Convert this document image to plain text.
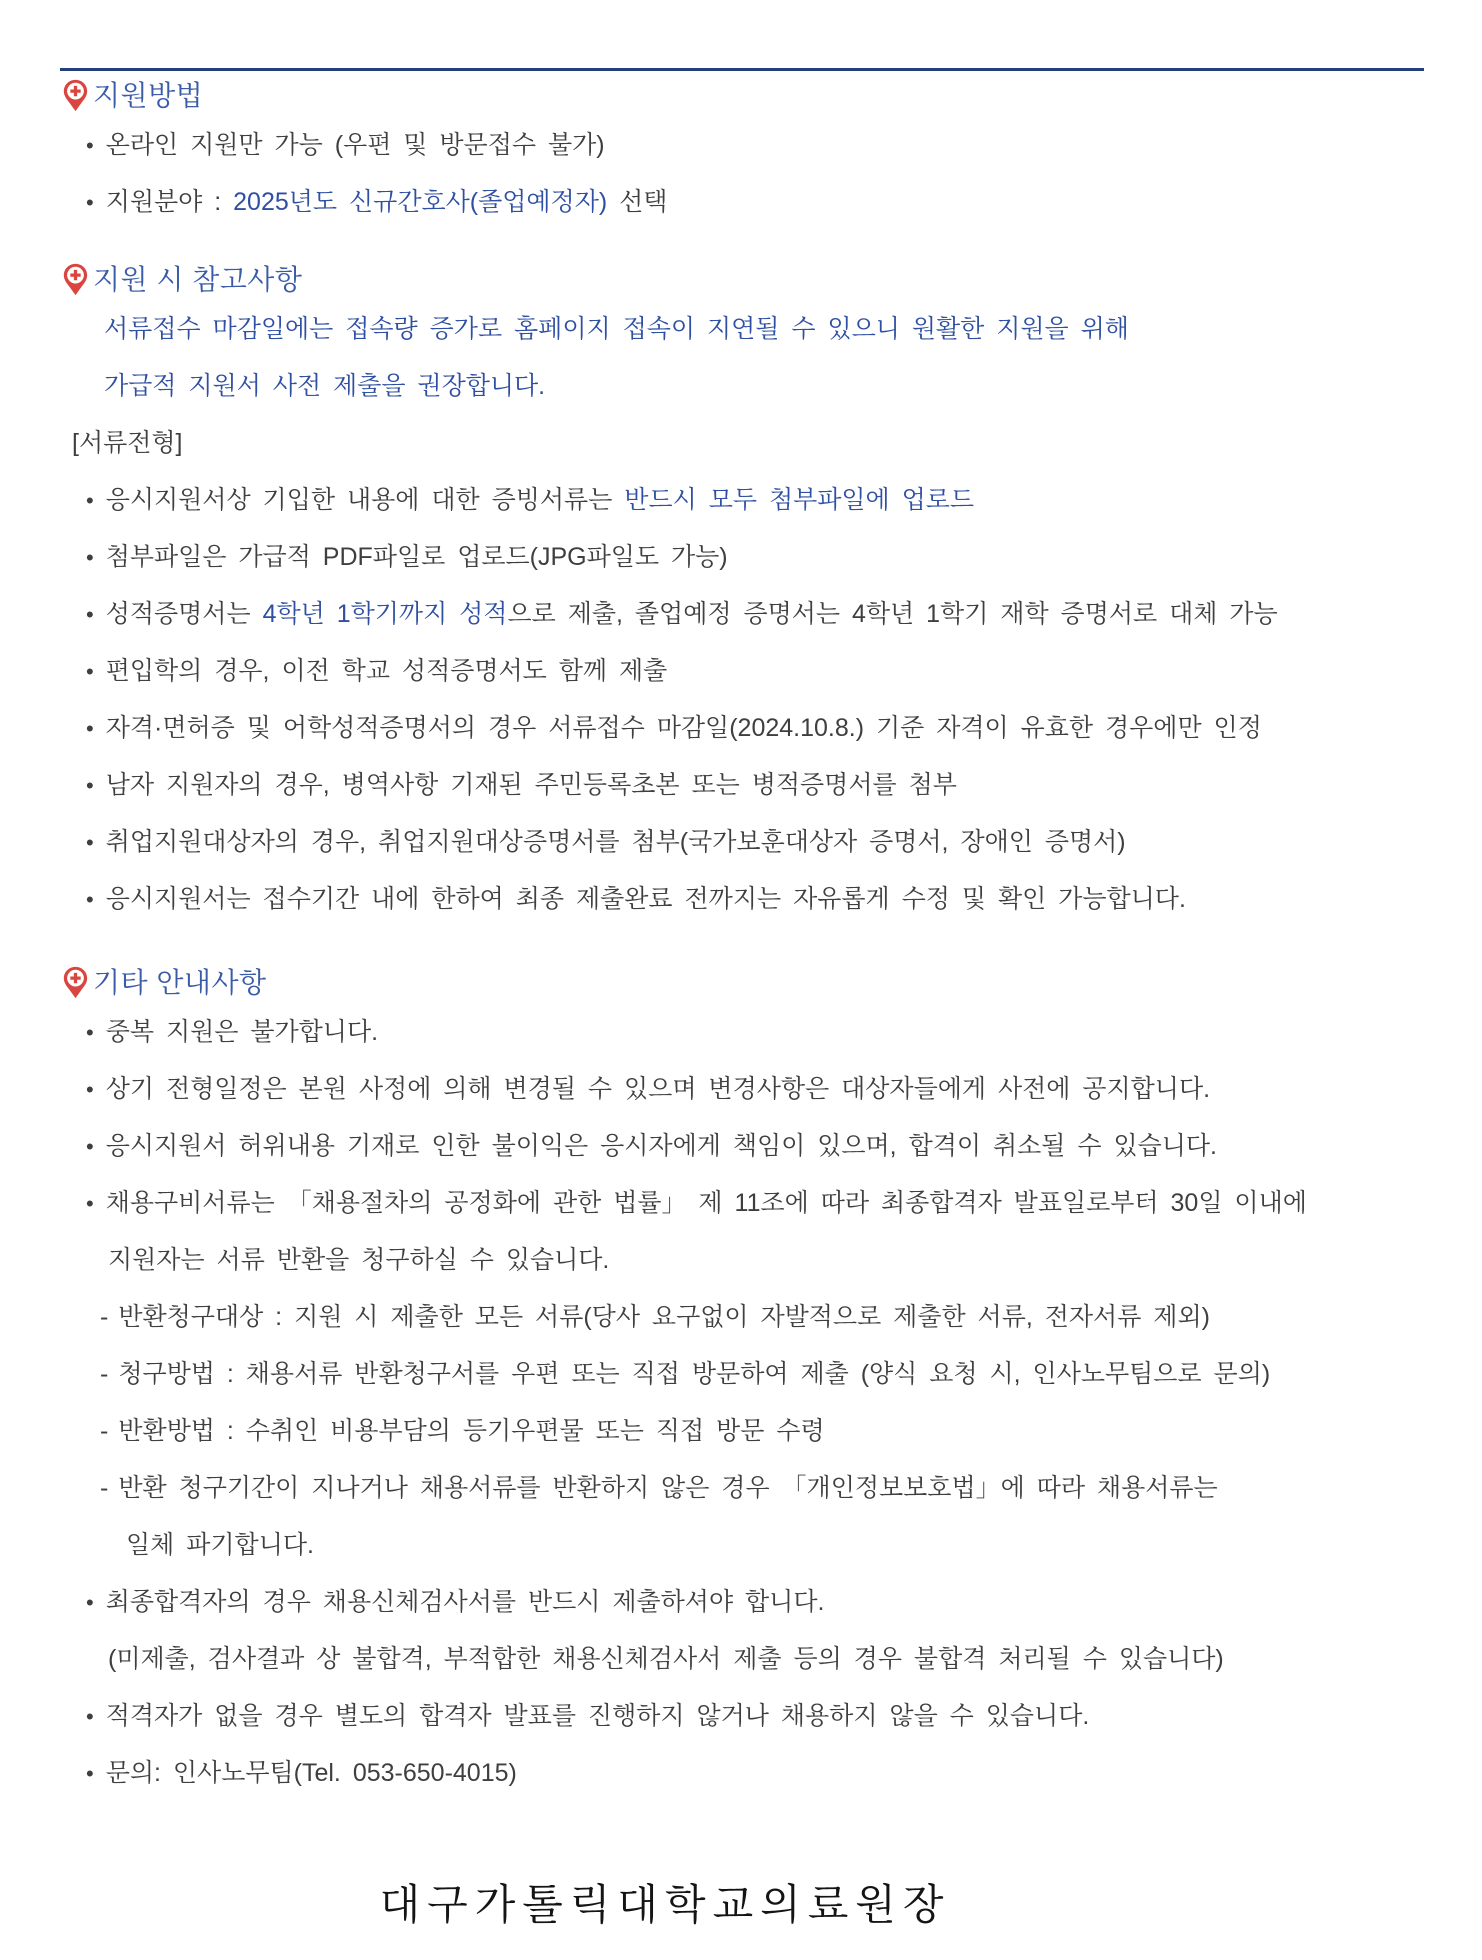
지원방법
• 온라인 지원만 가능 (우편 및 방문접수 불가)
• 지원분야 : 2025년도 신규간호사(졸업예정자) 선택
지원 시 참고사항
서류접수 마감일에는 접속량 증가로 홈페이지 접속이 지연될 수 있으니 원활한 지원을 위해
가급적 지원서 사전 제출을 권장합니다.
[서류전형]
• 응시지원서상 기입한 내용에 대한 증빙서류는 반드시 모두 첨부파일에 업로드
• 첨부파일은 가급적 PDF파일로 업로드(JPG파일도 가능)
• 성적증명서는 4학년 1학기까지 성적으로 제출, 졸업예정 증명서는 4학년 1학기 재학 증명서로 대체 가능
• 편입학의 경우, 이전 학교 성적증명서도 함께 제출
• 자격·면허증 및 어학성적증명서의 경우 서류접수 마감일(2024.10.8.) 기준 자격이 유효한 경우에만 인정
• 남자 지원자의 경우, 병역사항 기재된 주민등록초본 또는 병적증명서를 첨부
• 취업지원대상자의 경우, 취업지원대상증명서를 첨부(국가보훈대상자 증명서, 장애인 증명서)
• 응시지원서는 접수기간 내에 한하여 최종 제출완료 전까지는 자유롭게 수정 및 확인 가능합니다.
기타 안내사항
• 중복 지원은 불가합니다.
• 상기 전형일정은 본원 사정에 의해 변경될 수 있으며 변경사항은 대상자들에게 사전에 공지합니다.
• 응시지원서 허위내용 기재로 인한 불이익은 응시자에게 책임이 있으며, 합격이 취소될 수 있습니다.
• 채용구비서류는 「채용절차의 공정화에 관한 법률」 제 11조에 따라 최종합격자 발표일로부터 30일 이내에
지원자는 서류 반환을 청구하실 수 있습니다.
- 반환청구대상 : 지원 시 제출한 모든 서류(당사 요구없이 자발적으로 제출한 서류, 전자서류 제외)
- 청구방법 : 채용서류 반환청구서를 우편 또는 직접 방문하여 제출 (양식 요청 시, 인사노무팀으로 문의)
- 반환방법 : 수취인 비용부담의 등기우편물 또는 직접 방문 수령
- 반환 청구기간이 지나거나 채용서류를 반환하지 않은 경우 「개인정보보호법」에 따라 채용서류는
일체 파기합니다.
• 최종합격자의 경우 채용신체검사서를 반드시 제출하셔야 합니다.
(미제출, 검사결과 상 불합격, 부적합한 채용신체검사서 제출 등의 경우 불합격 처리될 수 있습니다)
• 적격자가 없을 경우 별도의 합격자 발표를 진행하지 않거나 채용하지 않을 수 있습니다.
• 문의: 인사노무팀(Tel. 053-650-4015)
대구가톨릭대학교의료원장
